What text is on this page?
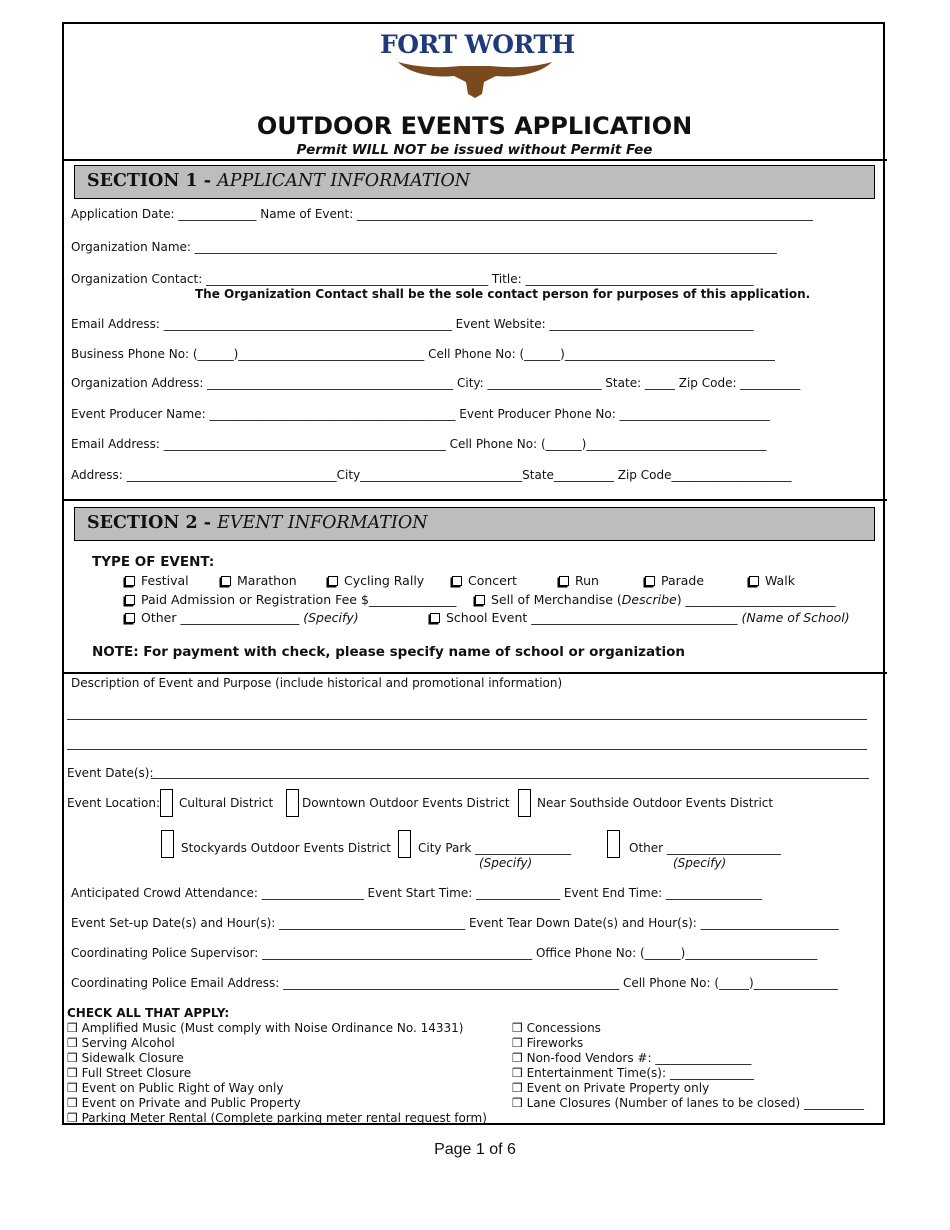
FORT WORTH
OUTDOOR EVENTS APPLICATION
Permit WILL NOT be issued without Permit Fee
SECTION 1 - APPLICANT INFORMATION
Application Date: _____________ Name of Event: ____________________________________________________________________________
Organization Name: _________________________________________________________________________________________________
Organization Contact: _______________________________________________ Title: ______________________________________
The Organization Contact shall be the sole contact person for purposes of this application.
Email Address: ________________________________________________ Event Website: __________________________________
Business Phone No: (______)_______________________________ Cell Phone No: (______)___________________________________
Organization Address: _________________________________________ City: ___________________ State: _____ Zip Code: __________
Event Producer Name: _________________________________________ Event Producer Phone No: _________________________
Email Address: _______________________________________________ Cell Phone No: (______)______________________________
Address: ___________________________________City___________________________State__________ Zip Code____________________
SECTION 2 - EVENT INFORMATION
TYPE OF EVENT:
Festival	Marathon	Cycling Rally	Concert	Run	Parade	Walk
Paid Admission or Registration Fee $______________	Sell of Merchandise (Describe) ________________________
Other ___________________ (Specify)	School Event _________________________________ (Name of School)
NOTE: For payment with check, please specify name of school or organization
Description of Event and Purpose (include historical and promotional information)
Event Date(s):
Event Location: Cultural District Downtown Outdoor Events District Near Southside Outdoor Events District
Stockyards Outdoor Events District City Park ________________
(Specify)
Other ___________________
(Specify)
Anticipated Crowd Attendance: _________________ Event Start Time: ______________ Event End Time: ________________
Event Set-up Date(s) and Hour(s): _______________________________ Event Tear Down Date(s) and Hour(s): _______________________
Coordinating Police Supervisor: _____________________________________________ Office Phone No: (______)______________________
Coordinating Police Email Address: ________________________________________________________ Cell Phone No: (_____)______________
CHECK ALL THAT APPLY:
❒ Amplified Music (Must comply with Noise Ordinance No. 14331)
❒ Serving Alcohol
❒ Sidewalk Closure
❒ Full Street Closure
❒ Event on Public Right of Way only
❒ Event on Private and Public Property
❒ Parking Meter Rental (Complete parking meter rental request form)
❒ Concessions
❒ Fireworks
❒ Non-food Vendors #: ________________
❒ Entertainment Time(s): ______________
❒ Event on Private Property only
❒ Lane Closures (Number of lanes to be closed) __________
Page 1 of 6
